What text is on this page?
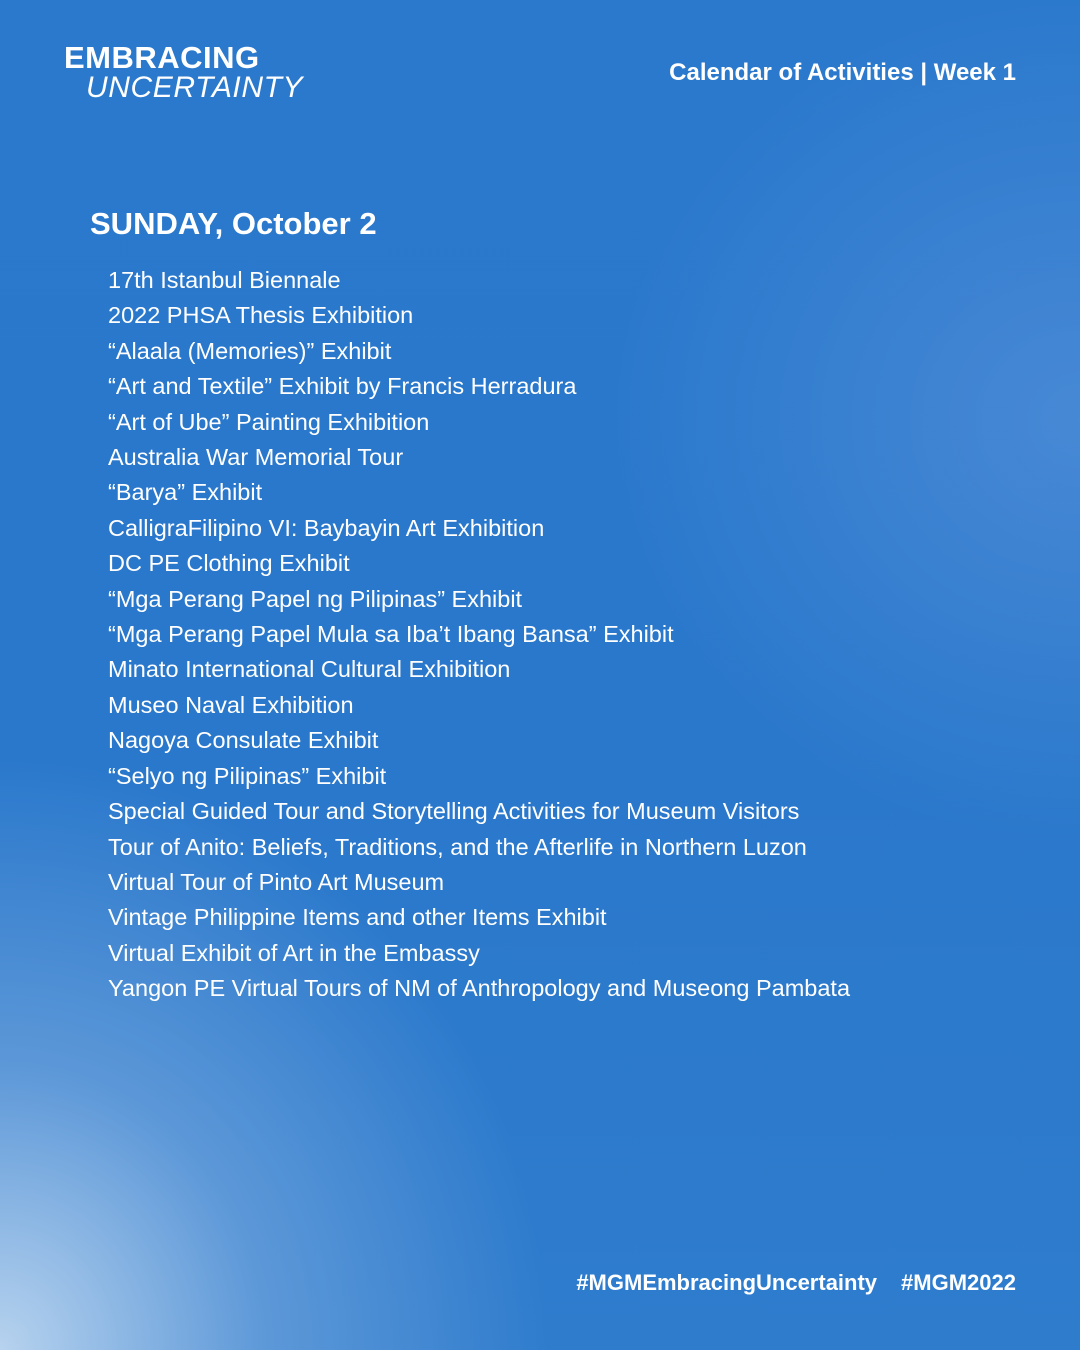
EMBRACING
UNCERTAINTY	Calendar of Activities | Week 1
SUNDAY, October 2
17th Istanbul Biennale
2022 PHSA Thesis Exhibition
“Alaala (Memories)” Exhibit
“Art and Textile” Exhibit by Francis Herradura
“Art of Ube” Painting Exhibition
Australia War Memorial Tour
“Barya” Exhibit
CalligraFilipino VI: Baybayin Art Exhibition
DC PE Clothing Exhibit
“Mga Perang Papel ng Pilipinas” Exhibit
“Mga Perang Papel Mula sa Iba’t Ibang Bansa” Exhibit
Minato International Cultural Exhibition
Museo Naval Exhibition
Nagoya Consulate Exhibit
“Selyo ng Pilipinas” Exhibit
Special Guided Tour and Storytelling Activities for Museum Visitors
Tour of Anito: Beliefs, Traditions, and the Afterlife in Northern Luzon
Virtual Tour of Pinto Art Museum
Vintage Philippine Items and other Items Exhibit
Virtual Exhibit of Art in the Embassy
Yangon PE Virtual Tours of NM of Anthropology and Museong Pambata
#MGMEmbracingUncertainty #MGM2022
